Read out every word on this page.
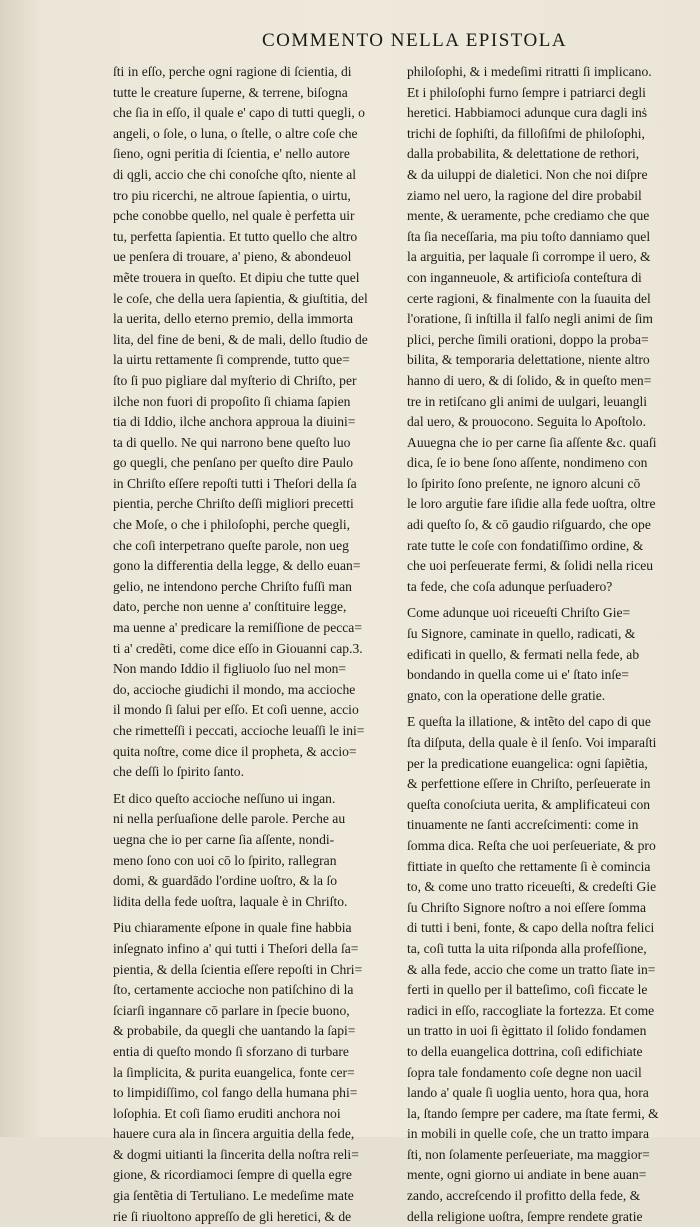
COMMENTO NELLA EPISTOLA
ſti in eſſo, perche ogni ragione di ſcientia, di
tutte le creature ſuperne, & terrene, biſogna
che ſia in eſſo, il quale e' capo di tutti quegli, o
angeli, o ſole, o luna, o ſtelle, o altre coſe che
ſieno, ogni peritia di ſcientia, e' nello autore
di qgli, accio che chi conoſche qſto, niente al
tro piu ricerchi, ne altroue ſapientia, o uirtu,
pche conobbe quello, nel quale è perfetta uir
tu, perfetta ſapientia. Et tutto quello che altro
ue penſera di trouare, a' pieno, & abondeuol
mẽte trouera in queſto. Et dipiu che tutte quel
le coſe, che della uera ſapientia, & giuſtitia, del
la uerita, dello eterno premio, della immorta
lita, del fine de beni, & de mali, dello ſtudio de
la uirtu rettamente ſi comprende, tutto que=
ſto ſi puo pigliare dal myſterio di Chriſto, per
ilche non fuori di propoſito ſi chiama ſapien
tia di Iddio, ilche anchora approua la diuini=
ta di quello. Ne qui narrono bene queſto luo
go quegli, che penſano per queſto dire Paulo
in Chriſto eſſere repoſti tutti i Theſori della ſa
pientia, perche Chriſto deſſi migliori precetti
che Moſe, o che i philoſophi, perche quegli,
che coſi interpetrano queſte parole, non ueg
gono la differentia della legge, & dello euan=
gelio, ne intendono perche Chriſto fuſſi man
dato, perche non uenne a' conſtituire legge,
ma uenne a' predicare la remiſſione de pecca=
ti a' credẽti, come dice eſſo in Giouanni cap.3.
Non mando Iddio il figliuolo ſuo nel mon=
do, accioche giudichi il mondo, ma accioche
il mondo ſi ſalui per eſſo. Et coſi uenne, accio
che rimetteſſi i peccati, accioche leuaſſi le ini=
quita noſtre, come dice il propheta, & accio=
che deſſi lo ſpirito ſanto.
Et dico queſto accioche neſſuno ui ingan.
ni nella perſuaſione delle parole. Perche au
uegna che io per carne ſia aſſente, nondi-
meno ſono con uoi cō lo ſpirito, rallegran
domi, & guardādo l'ordine uoſtro, & la ſo
lidita della fede uoſtra, laquale è in Chriſto.
Piu chiaramente eſpone in quale fine habbia
inſegnato infino a' qui tutti i Theſori della ſa=
pientia, & della ſcientia eſſere repoſti in Chri=
ſto, certamente accioche non patiſchino di la
ſciarſi ingannare cō parlare in ſpecie buono,
& probabile, da quegli che uantando la ſapi=
entia di queſto mondo ſi sforzano di turbare
la ſimplicita, & purita euangelica, fonte cer=
to limpidiſſimo, col fango della humana phi=
loſophia. Et coſi ſiamo eruditi anchora noi
hauere cura ala in ſincera arguitia della fede,
& dogmi uitianti la ſincerita della noſtra reli=
gione, & ricordiamoci ſempre di quella egre
gia ſentẽtia di Tertuliano. Le medeſime mate
rie ſi riuoltono appreſſo de gli heretici, & de
philoſophi, & i medeſimi ritratti ſi implicano.
Et i philoſophi furno ſempre i patriarci degli
heretici. Habbiamoci adunque cura dagli inṡ
trichi de ſophiſti, da filloſiſmi de philoſophi,
dalla probabilita, & delettatione de rethori,
& da uiluppi de dialetici. Non che noi diſpre
ziamo nel uero, la ragione del dire probabil
mente, & ueramente, pche crediamo che que
ſta ſia neceſſaria, ma piu toſto danniamo quel
la arguitia, per laquale ſi corrompe il uero, &
con inganneuole, & artificioſa conteſtura di
certe ragioni, & finalmente con la ſuauita del
l'oratione, ſi inſtilla il falſo negli animi de ſim
plici, perche ſimili orationi, doppo la proba=
bilita, & temporaria delettatione, niente altro
hanno di uero, & di ſolido, & in queſto men=
tre in retiſcano gli animi de uulgari, leuangli
dal uero, & prouocono. Seguita lo Apoſtolo.
Auuegna che io per carne ſia aſſente &c. quaſi
dica, ſe io bene ſono aſſente, nondimeno con
lo ſpirito ſono preſente, ne ignoro alcuni cō
le loro arguṫie fare iſidie alla fede uoſtra, oltre
adi queſto ſo, & cō gaudio riſguardo, che ope
rate tutte le coſe con fondatiſſimo ordine, &
che uoi perſeuerate fermi, & ſolidi nella riceu
ta fede, che coſa adunque perſuadero?
Come adunque uoi riceueſti Chriſto Gie=
ſu Signore, caminate in quello, radicati, &
edificati in quello, & fermati nella fede, ab
bondando in quella come ui e' ſtato inſe=
gnato, con la operatione delle gratie.
E queſta la illatione, & intẽto del capo di que
ſta diſputa, della quale è il ſenſo. Voi imparaſti
per la predicatione euangelica: ogni ſapiẽtia,
& perfettione eſſere in Chriſto, perſeuerate in
queſta conoſciuta uerita, & amplificateui con
tinuamente ne ſanti accreſcimenti: come in
ſomma dica. Reſta che uoi perſeueriate, & pro
fittiate in queſto che rettamente ſi è comincia
to, & come uno tratto riceueſti, & credeſti Gie
ſu Chriſto Signore noſtro a noi eſſere ſomma
di tutti i beni, fonte, & capo della noſtra felici
ta, coſi tutta la uita riſponda alla profeſſione,
& alla fede, accio che come un tratto ſiate in=
ferti in quello per il batteſimo, coſi ficcate le
radici in eſſo, raccogliate la fortezza. Et come
un tratto in uoi ſi ègittato il ſolido fondamen
to della euangelica dottrina, coſi edifichiate
ſopra tale fondamento coſe degne non uacil
lando a' quale ſi uoglia uento, hora qua, hora
la, ſtando ſempre per cadere, ma ſtate fermi, &
in mobili in quelle coſe, che un tratto impara
ſti, non ſolamente perſeueriate, ma maggior=
mente, ogni giorno ui andiate in bene auan=
zando, accreſcendo il profitto della fede, &
della religione uoſtra, ſempre rendete gratie
